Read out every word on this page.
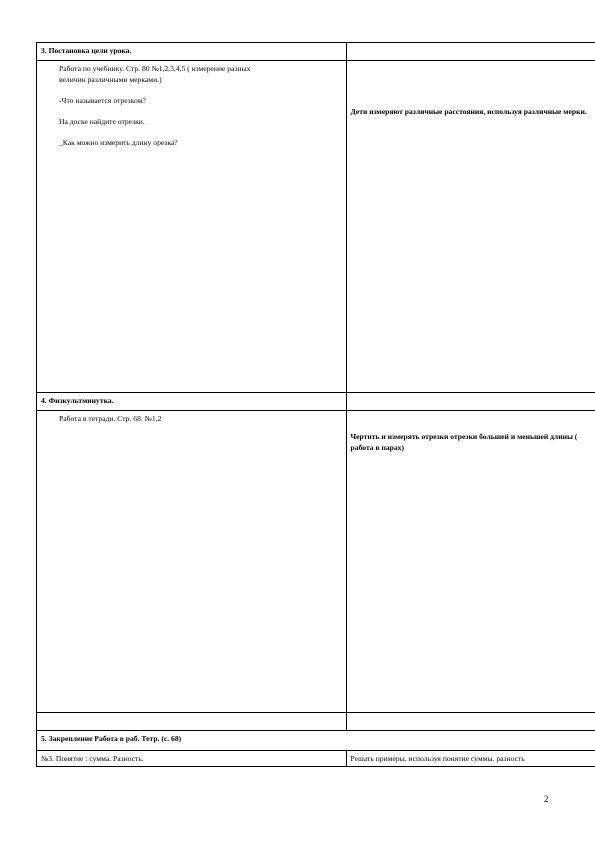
3. Постановка цели урока.	

Работа по учебнику. Стр. 80 №1,2,3,4,5 ( измерение разных
величин различными мерками.)
-Что называется отрезком?
На доске найдите отрезки.
_Как можно измерить длину орезка?	Дети измеряют различные расстояния, используя различные мерки.

4. Физкультминутка.	

Работа в тетради. Стр. 68. №1,2	Чертить и измерять отрезки отрезки большей и меньшей длины ( работа в парах)

5. Закрепление Работа в раб. Тетр. (с. 68)	
№3. Понятие : сумма. Разность.	Решать примеры, используя понятие суммы. разность
2
